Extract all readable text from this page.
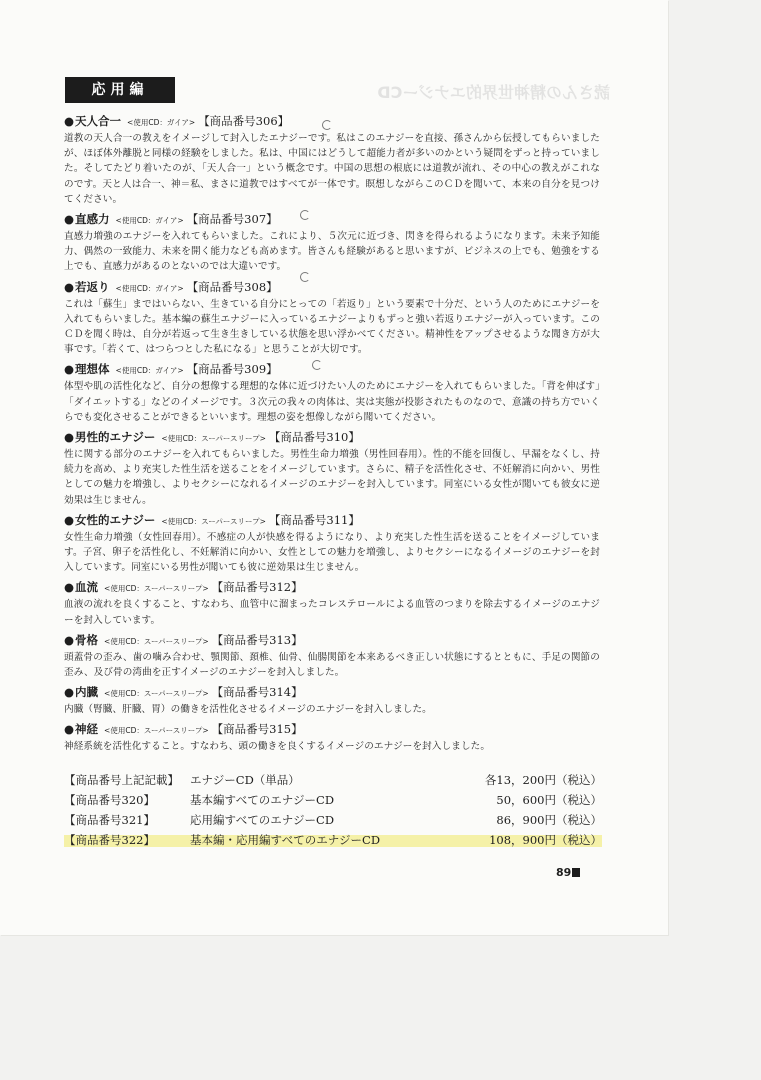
読さんの精神世界的エナジーCD
応用編
●天人合一 <使用CD：ガイア> 【商品番号306】
道教の天人合一の教えをイメージして封入したエナジーです。私はこのエナジーを直接、孫さんから伝授してもらいましたが、ほぼ体外離脱と同様の経験をしました。私は、中国にはどうして超能力者が多いのかという疑問をずっと持っていました。そしてたどり着いたのが、「天人合一」という概念です。中国の思想の根底には道教が流れ、その中心の教えがこれなのです。天と人は合一、神＝私、まさに道教ではすべてが一体です。瞑想しながらこのＣＤを聞いて、本来の自分を見つけてください。
●直感力 <使用CD：ガイア> 【商品番号307】
直感力増強のエナジーを入れてもらいました。これにより、５次元に近づき、閃きを得られるようになります。未来予知能力、偶然の一致能力、未来を開く能力なども高めます。皆さんも経験があると思いますが、ビジネスの上でも、勉強をする上でも、直感力があるのとないのでは大違いです。
●若返り <使用CD：ガイア> 【商品番号308】
これは「蘇生」まではいらない、生きている自分にとっての「若返り」という要素で十分だ、という人のためにエナジーを入れてもらいました。基本編の蘇生エナジーに入っているエナジーよりもずっと強い若返りエナジーが入っています。このＣＤを聞く時は、自分が若返って生き生きしている状態を思い浮かべてください。精神性をアップさせるような聞き方が大事です。「若くて、はつらつとした私になる」と思うことが大切です。
●理想体 <使用CD：ガイア> 【商品番号309】
体型や肌の活性化など、自分の想像する理想的な体に近づけたい人のためにエナジーを入れてもらいました。「背を伸ばす」「ダイエットする」などのイメージです。３次元の我々の肉体は、実は実態が投影されたものなので、意識の持ち方でいくらでも変化させることができるといいます。理想の姿を想像しながら聞いてください。
●男性的エナジー <使用CD：スーパースリープ> 【商品番号310】
性に関する部分のエナジーを入れてもらいました。男性生命力増強（男性回春用）。性的不能を回復し、早漏をなくし、持続力を高め、より充実した性生活を送ることをイメージしています。さらに、精子を活性化させ、不妊解消に向かい、男性としての魅力を増強し、よりセクシーになれるイメージのエナジーを封入しています。同室にいる女性が聞いても彼女に逆効果は生じません。
●女性的エナジー <使用CD：スーパースリープ> 【商品番号311】
女性生命力増強（女性回春用）。不感症の人が快感を得るようになり、より充実した性生活を送ることをイメージしています。子宮、卵子を活性化し、不妊解消に向かい、女性としての魅力を増強し、よりセクシーになるイメージのエナジーを封入しています。同室にいる男性が聞いても彼に逆効果は生じません。
●血流 <使用CD：スーパースリープ> 【商品番号312】
血液の流れを良くすること、すなわち、血管中に溜まったコレステロールによる血管のつまりを除去するイメージのエナジーを封入しています。
●骨格 <使用CD：スーパースリープ> 【商品番号313】
頭蓋骨の歪み、歯の噛み合わせ、顎関節、頚椎、仙骨、仙腸関節を本来あるべき正しい状態にするとともに、手足の関節の歪み、及び骨の湾曲を正すイメージのエナジーを封入しました。
●内臓 <使用CD：スーパースリープ> 【商品番号314】
内臓（腎臓、肝臓、胃）の働きを活性化させるイメージのエナジーを封入しました。
●神経 <使用CD：スーパースリープ> 【商品番号315】
神経系統を活性化すること。すなわち、頭の働きを良くするイメージのエナジーを封入しました。
【商品番号上記記載】	エナジーCD（単品）	各13，200円（税込）
【商品番号320】	基本編すべてのエナジーCD	50，600円（税込）
【商品番号321】	応用編すべてのエナジーCD	86，900円（税込）
【商品番号322】	基本編・応用編すべてのエナジーCD	108，900円（税込）
89
